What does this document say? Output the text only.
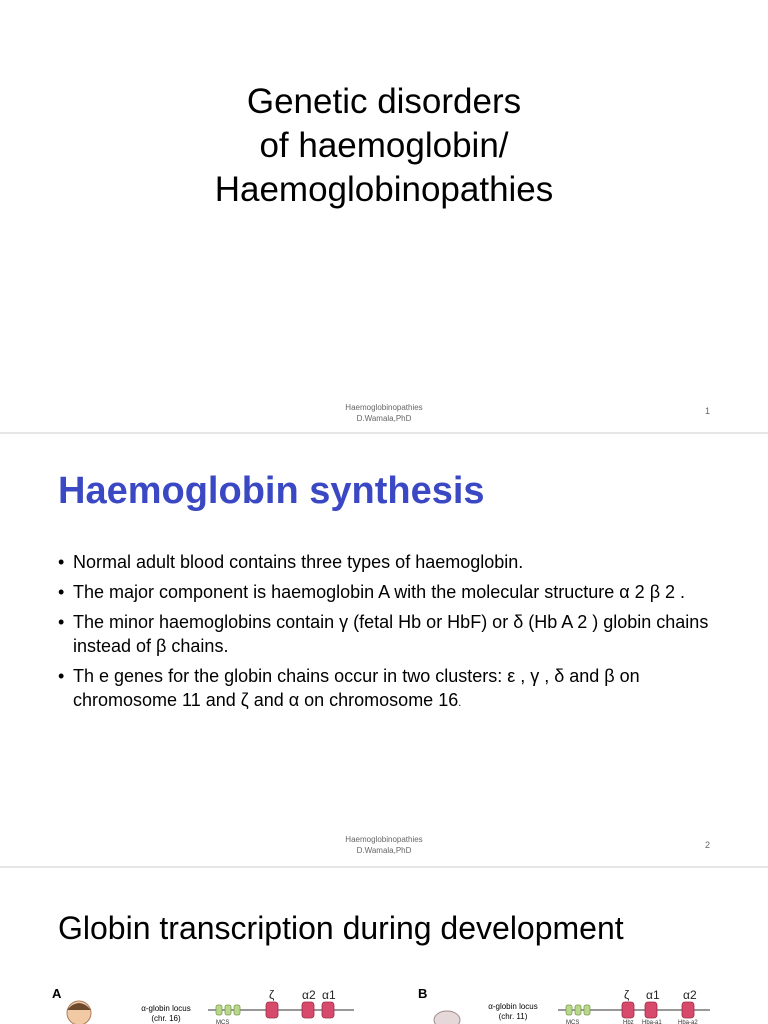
Genetic disorders
of haemoglobin/
Haemoglobinopathies
Haemoglobinopathies
D.Wamala,PhD
1
Haemoglobin synthesis
• Normal adult blood contains three types of haemoglobin.
• The major component is haemoglobin A with the molecular structure α 2 β 2 .
• The minor haemoglobins contain γ (fetal Hb or HbF) or δ (Hb A 2 ) globin chains instead of β chains.
• Th e genes for the globin chains occur in two clusters: ε , γ , δ and β on chromosome 11 and ζ and α on chromosome 16.
Haemoglobinopathies
D.Wamala,PhD
2
Globin transcription during development
A
α-globin locus
(chr. 16)
ζ α2 α1
MCS
B
α-globin locus
(chr. 11)
ζ α1 α2
MCS	Hbz Hba-a1	Hba-a2
